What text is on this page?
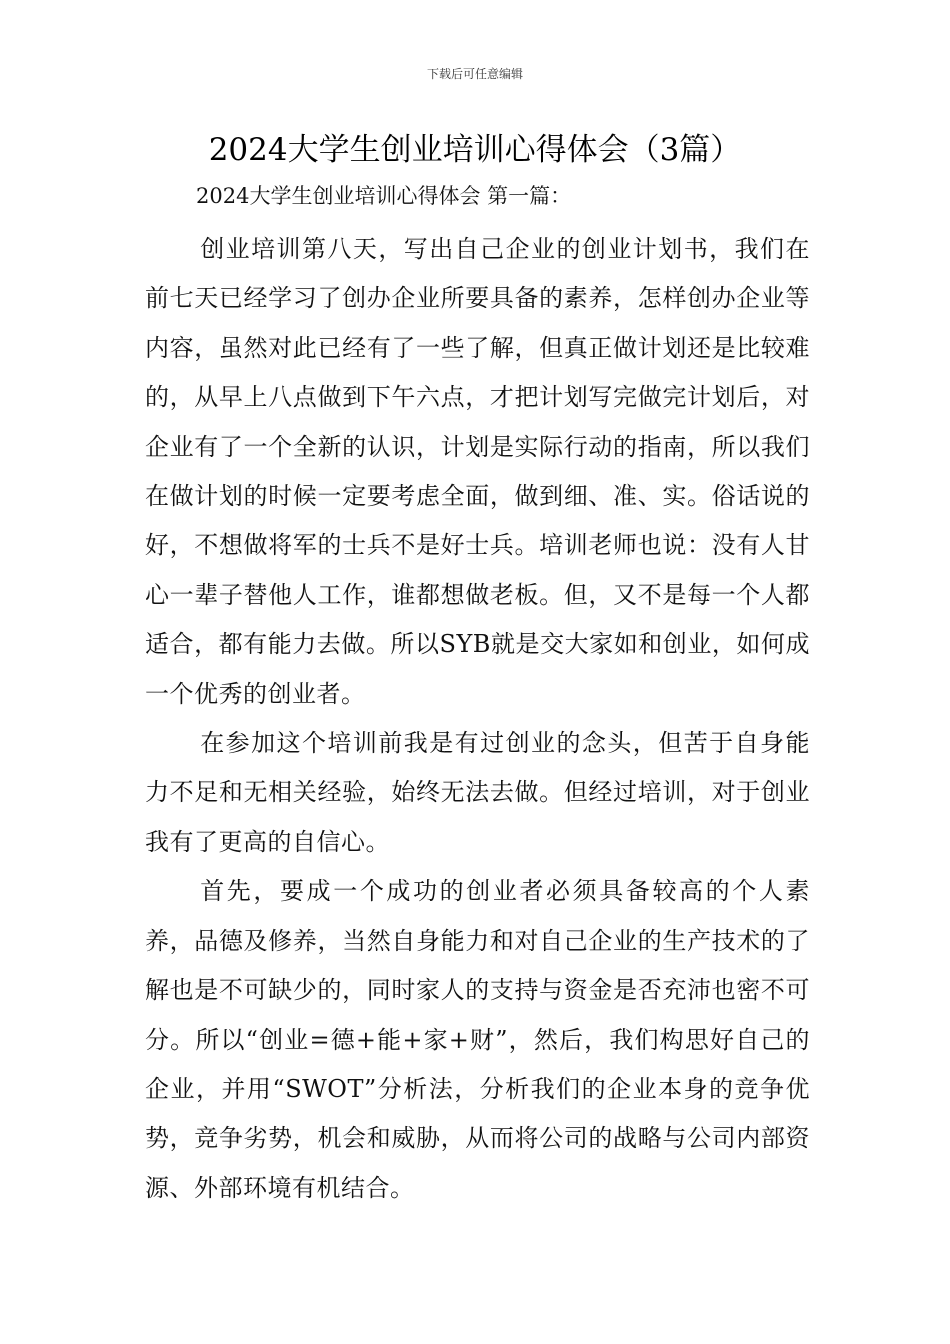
下载后可任意编辑
2024大学生创业培训心得体会（3篇）
2024大学生创业培训心得体会 第一篇：

创业培训第八天，写出自己企业的创业计划书，我们在前七天已经学习了创办企业所要具备的素养，怎样创办企业等内容，虽然对此已经有了一些了解，但真正做计划还是比较难的，从早上八点做到下午六点，才把计划写完做完计划后，对企业有了一个全新的认识，计划是实际行动的指南，所以我们在做计划的时候一定要考虑全面，做到细、准、实。俗话说的好，不想做将军的士兵不是好士兵。培训老师也说：没有人甘心一辈子替他人工作，谁都想做老板。但，又不是每一个人都适合，都有能力去做。所以SYB就是交大家如和创业，如何成一个优秀的创业者。

在参加这个培训前我是有过创业的念头，但苦于自身能力不足和无相关经验，始终无法去做。但经过培训，对于创业我有了更高的自信心。

首先，要成一个成功的创业者必须具备较高的个人素养，品德及修养，当然自身能力和对自己企业的生产技术的了解也是不可缺少的，同时家人的支持与资金是否充沛也密不可分。所以“创业=德+能+家+财”，然后，我们构思好自己的企业，并用“SWOT”分析法，分析我们的企业本身的竞争优势，竞争劣势，机会和威胁，从而将公司的战略与公司内部资源、外部环境有机结合。
